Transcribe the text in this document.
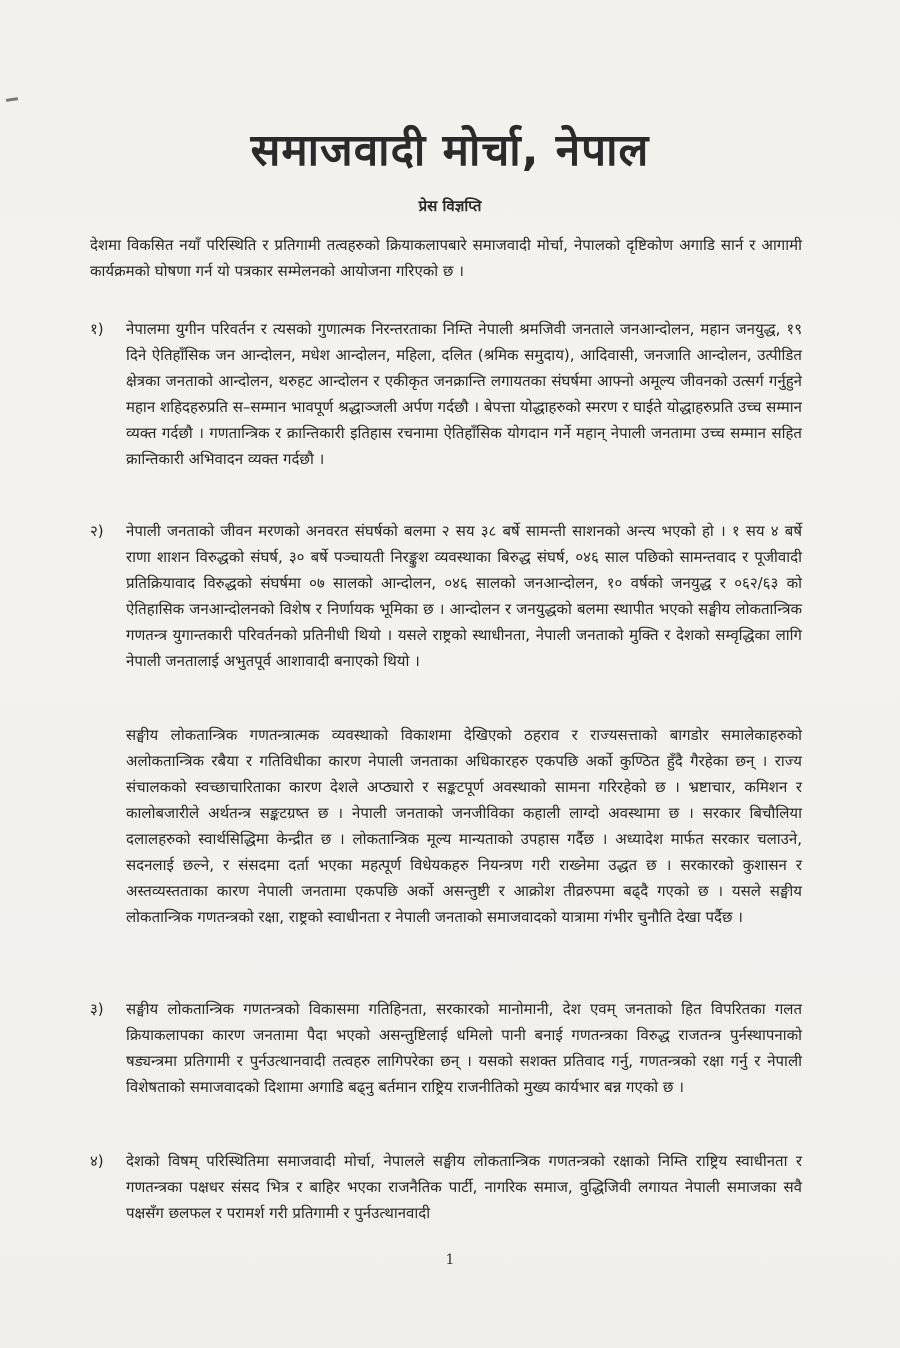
समाजवादी मोर्चा, नेपाल
प्रेस विज्ञप्ति
देशमा विकसित नयाँ परिस्थिति र प्रतिगामी तत्वहरुको क्रियाकलापबारे समाजवादी मोर्चा, नेपालको दृष्टिकोण अगाडि सार्न र आगामी कार्यक्रमको घोषणा गर्न यो पत्रकार सम्मेलनको आयोजना गरिएको छ ।
१)	नेपालमा युगीन परिवर्तन र त्यसको गुणात्मक निरन्तरताका निम्ति नेपाली श्रमजिवी जनताले जनआन्दोलन, महान जनयुद्ध, १९ दिने ऐतिहाँसिक जन आन्दोलन, मधेश आन्दोलन, महिला, दलित (श्रमिक समुदाय), आदिवासी, जनजाति आन्दोलन, उत्पीडित क्षेत्रका जनताको आन्दोलन, थरुहट आन्दोलन र एकीकृत जनक्रान्ति लगायतका संघर्षमा आफ्नो अमूल्य जीवनको उत्सर्ग गर्नुहुने महान शहिदहरुप्रति स–सम्मान भावपूर्ण श्रद्धाञ्जली अर्पण गर्दछौ । बेपत्ता योद्धाहरुको स्मरण र घाईते योद्धाहरुप्रति उच्च सम्मान व्यक्त गर्दछौ । गणतान्त्रिक र क्रान्तिकारी इतिहास रचनामा ऐतिहाँसिक योगदान गर्ने महान् नेपाली जनतामा उच्च सम्मान सहित क्रान्तिकारी अभिवादन व्यक्त गर्दछौ ।
२)	नेपाली जनताको जीवन मरणको अनवरत संघर्षको बलमा २ सय ३८ बर्षे सामन्ती साशनको अन्त्य भएको हो । १ सय ४ बर्षे राणा शाशन विरुद्धको संघर्ष, ३० बर्षे पञ्चायती निरङ्कुश व्यवस्थाका बिरुद्ध संघर्ष, ०४६ साल पछिको सामन्तवाद र पूजीवादी प्रतिक्रियावाद विरुद्धको संघर्षमा ०७ सालको आन्दोलन, ०४६ सालको जनआन्दोलन, १० वर्षको जनयुद्ध र ०६२/६३ को ऐतिहासिक जनआन्दोलनको विशेष र निर्णायक भूमिका छ । आन्दोलन र जनयुद्धको बलमा स्थापीत भएको सङ्घीय लोकतान्त्रिक गणतन्त्र युगान्तकारी परिवर्तनको प्रतिनीधी थियो । यसले राष्ट्रको स्थाधीनता, नेपाली जनताको मुक्ति र देशको सम्वृद्धिका लागि नेपाली जनतालाई अभुतपूर्व आशावादी बनाएको थियो ।
सङ्घीय लोकतान्त्रिक गणतन्त्रात्मक व्यवस्थाको विकाशमा देखिएको ठहराव र राज्यसत्ताको बागडोर समालेकाहरुको अलोकतान्त्रिक रबैया र गतिविधीका कारण नेपाली जनताका अधिकारहरु एकपछि अर्को कुण्ठित हुँदै गैरहेका छन् । राज्य संचालकको स्वच्छाचारिताका कारण देशले अप्ठ्यारो र सङ्कटपूर्ण अवस्थाको सामना गरिरहेको छ । भ्रष्टाचार, कमिशन र कालोबजारीले अर्थतन्त्र सङ्कटग्रष्त छ । नेपाली जनताको जनजीविका कहाली लाग्दो अवस्थामा छ । सरकार बिचौलिया दलालहरुको स्वार्थसिद्धिमा केन्द्रीत छ । लोकतान्त्रिक मूल्य मान्यताको उपहास गर्दैछ । अध्यादेश मार्फत सरकार चलाउने, सदनलाई छल्ने, र संसदमा दर्ता भएका महत्पूर्ण विधेयकहरु नियन्त्रण गरी राख्नेमा उद्धत छ । सरकारको कुशासन र अस्तव्यस्तताका कारण नेपाली जनतामा एकपछि अर्को असन्तुष्टी र आक्रोश तीव्ररुपमा बढ्दै गएको छ । यसले सङ्घीय लोकतान्त्रिक गणतन्त्रको रक्षा, राष्ट्रको स्वाधीनता र नेपाली जनताको समाजवादको यात्रामा गंभीर चुनौति देखा पर्दैछ ।
३)	सङ्घीय लोकतान्त्रिक गणतन्त्रको विकासमा गतिहिनता, सरकारको मानोमानी, देश एवम् जनताको हित विपरितका गलत क्रियाकलापका कारण जनतामा पैदा भएको असन्तुष्टिलाई धमिलो पानी बनाई गणतन्त्रका विरुद्ध राजतन्त्र पुर्नस्थापनाको षड्यन्त्रमा प्रतिगामी र पुर्नउत्थानवादी तत्वहरु लागिपरेका छन् । यसको सशक्त प्रतिवाद गर्नु, गणतन्त्रको रक्षा गर्नु र नेपाली विशेषताको समाजवादको दिशामा अगाडि बढ्नु बर्तमान राष्ट्रिय राजनीतिको मुख्य कार्यभार बन्न गएको छ ।
४)	देशको विषम् परिस्थितिमा समाजवादी मोर्चा, नेपालले सङ्घीय लोकतान्त्रिक गणतन्त्रको रक्षाको निम्ति राष्ट्रिय स्वाधीनता र गणतन्त्रका पक्षधर संसद भित्र र बाहिर भएका राजनैतिक पार्टी, नागरिक समाज, वुद्धिजिवी लगायत नेपाली समाजका सवै पक्षसँग छलफल र परामर्श गरी प्रतिगामी र पुर्नउत्थानवादी
1
